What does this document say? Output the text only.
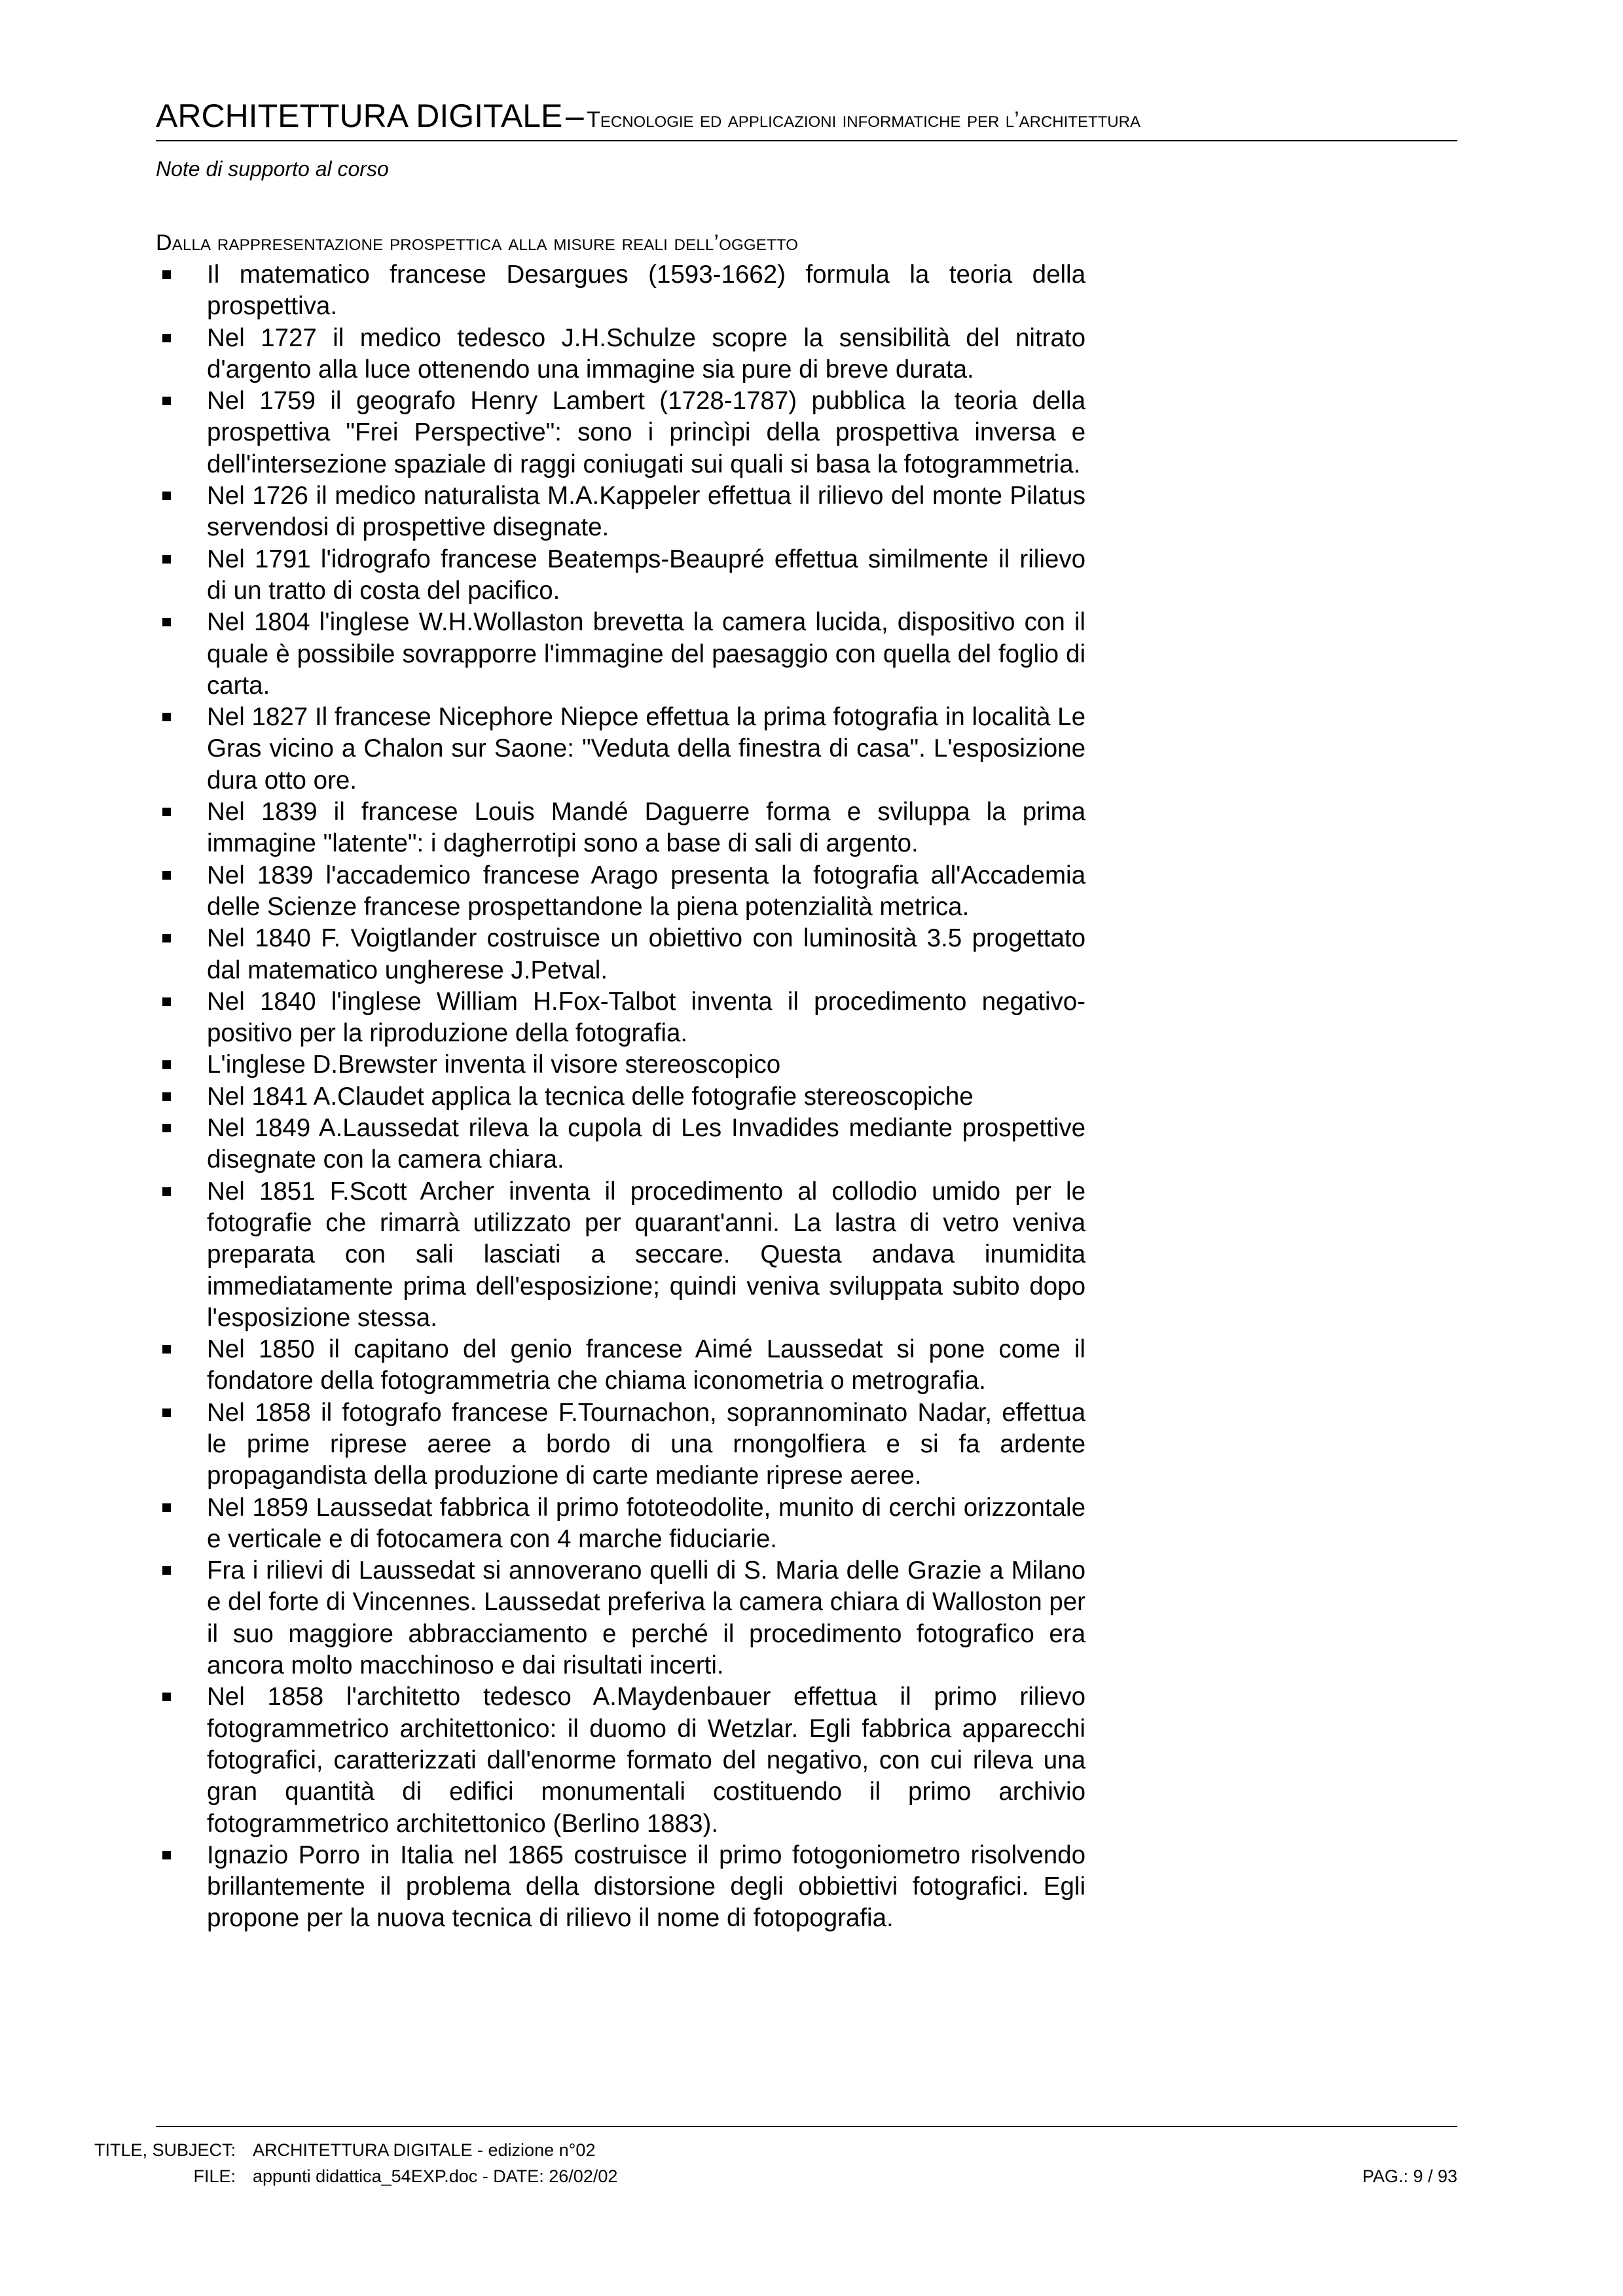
ARCHITETTURA DIGITALE – Tecnologie ed applicazioni informatiche per l’architettura
Note di supporto al corso
Dalla rappresentazione prospettica alla misure reali dell’oggetto
Il matematico francese Desargues (1593-1662) formula la teoria della prospettiva.
Nel 1727 il medico tedesco J.H.Schulze scopre la sensibilità del nitrato d'argento alla luce ottenendo una immagine sia pure di breve durata.
Nel 1759 il geografo Henry Lambert (1728-1787) pubblica la teoria della prospettiva "Frei Perspective": sono i princìpi della prospettiva inversa e dell'intersezione spaziale di raggi coniugati sui quali si basa la fotogrammetria.
Nel 1726 il medico naturalista M.A.Kappeler effettua il rilievo del monte Pilatus servendosi di prospettive disegnate.
Nel 1791 l'idrografo francese Beatemps-Beaupré effettua similmente il rilievo di un tratto di costa del pacifico.
Nel 1804 l'inglese W.H.Wollaston brevetta la camera lucida, dispositivo con il quale è possibile sovrapporre l'immagine del paesaggio con quella del foglio di carta.
Nel 1827 Il francese Nicephore Niepce effettua la prima fotografia in località Le Gras vicino a Chalon sur Saone: "Veduta della finestra di casa". L'esposizione dura otto ore.
Nel 1839 il francese Louis Mandé Daguerre forma e sviluppa la prima immagine "latente": i dagherrotipi sono a base di sali di argento.
Nel 1839 l'accademico francese Arago presenta la fotografia all'Accademia delle Scienze francese prospettandone la piena potenzialità metrica.
Nel 1840 F. Voigtlander costruisce un obiettivo con luminosità 3.5 progettato dal matematico ungherese J.Petval.
Nel 1840 l'inglese William H.Fox-Talbot inventa il procedimento negativo-positivo per la riproduzione della fotografia.
L'inglese D.Brewster inventa il visore stereoscopico
Nel 1841 A.Claudet applica la tecnica delle fotografie stereoscopiche
Nel 1849 A.Laussedat rileva la cupola di Les Invadides mediante prospettive disegnate con la camera chiara.
Nel 1851 F.Scott Archer inventa il procedimento al collodio umido per le fotografie che rimarrà utilizzato per quarant'anni. La lastra di vetro veniva preparata con sali lasciati a seccare. Questa andava inumidita immediatamente prima dell'esposizione; quindi veniva sviluppata subito dopo l'esposizione stessa.
Nel 1850 il capitano del genio francese Aimé Laussedat si pone come il fondatore della fotogrammetria che chiama iconometria o metrografia.
Nel 1858 il fotografo francese F.Tournachon, soprannominato Nadar, effettua le prime riprese aeree a bordo di una rnongolfiera e si fa ardente propagandista della produzione di carte mediante riprese aeree.
Nel 1859 Laussedat fabbrica il primo fototeodolite, munito di cerchi orizzontale e verticale e di fotocamera con 4 marche fiduciarie.
Fra i rilievi di Laussedat si annoverano quelli di S. Maria delle Grazie a Milano e del forte di Vincennes. Laussedat preferiva la camera chiara di Walloston per il suo maggiore abbracciamento e perché il procedimento fotografico era ancora molto macchinoso e dai risultati incerti.
Nel 1858 l'architetto tedesco A.Maydenbauer effettua il primo rilievo fotogrammetrico architettonico: il duomo di Wetzlar. Egli fabbrica apparecchi fotografici, caratterizzati dall'enorme formato del negativo, con cui rileva una gran quantità di edifici monumentali costituendo il primo archivio fotogrammetrico architettonico (Berlino 1883).
Ignazio Porro in Italia nel 1865 costruisce il primo fotogoniometro risolvendo brillantemente il problema della distorsione degli obbiettivi fotografici. Egli propone per la nuova tecnica di rilievo il nome di fotopografia.
TITLE, SUBJECT: ARCHITETTURA DIGITALE - edizione n°02
FILE: appunti didattica_54EXP.doc - DATE: 26/02/02	PAG.: 9 / 93
